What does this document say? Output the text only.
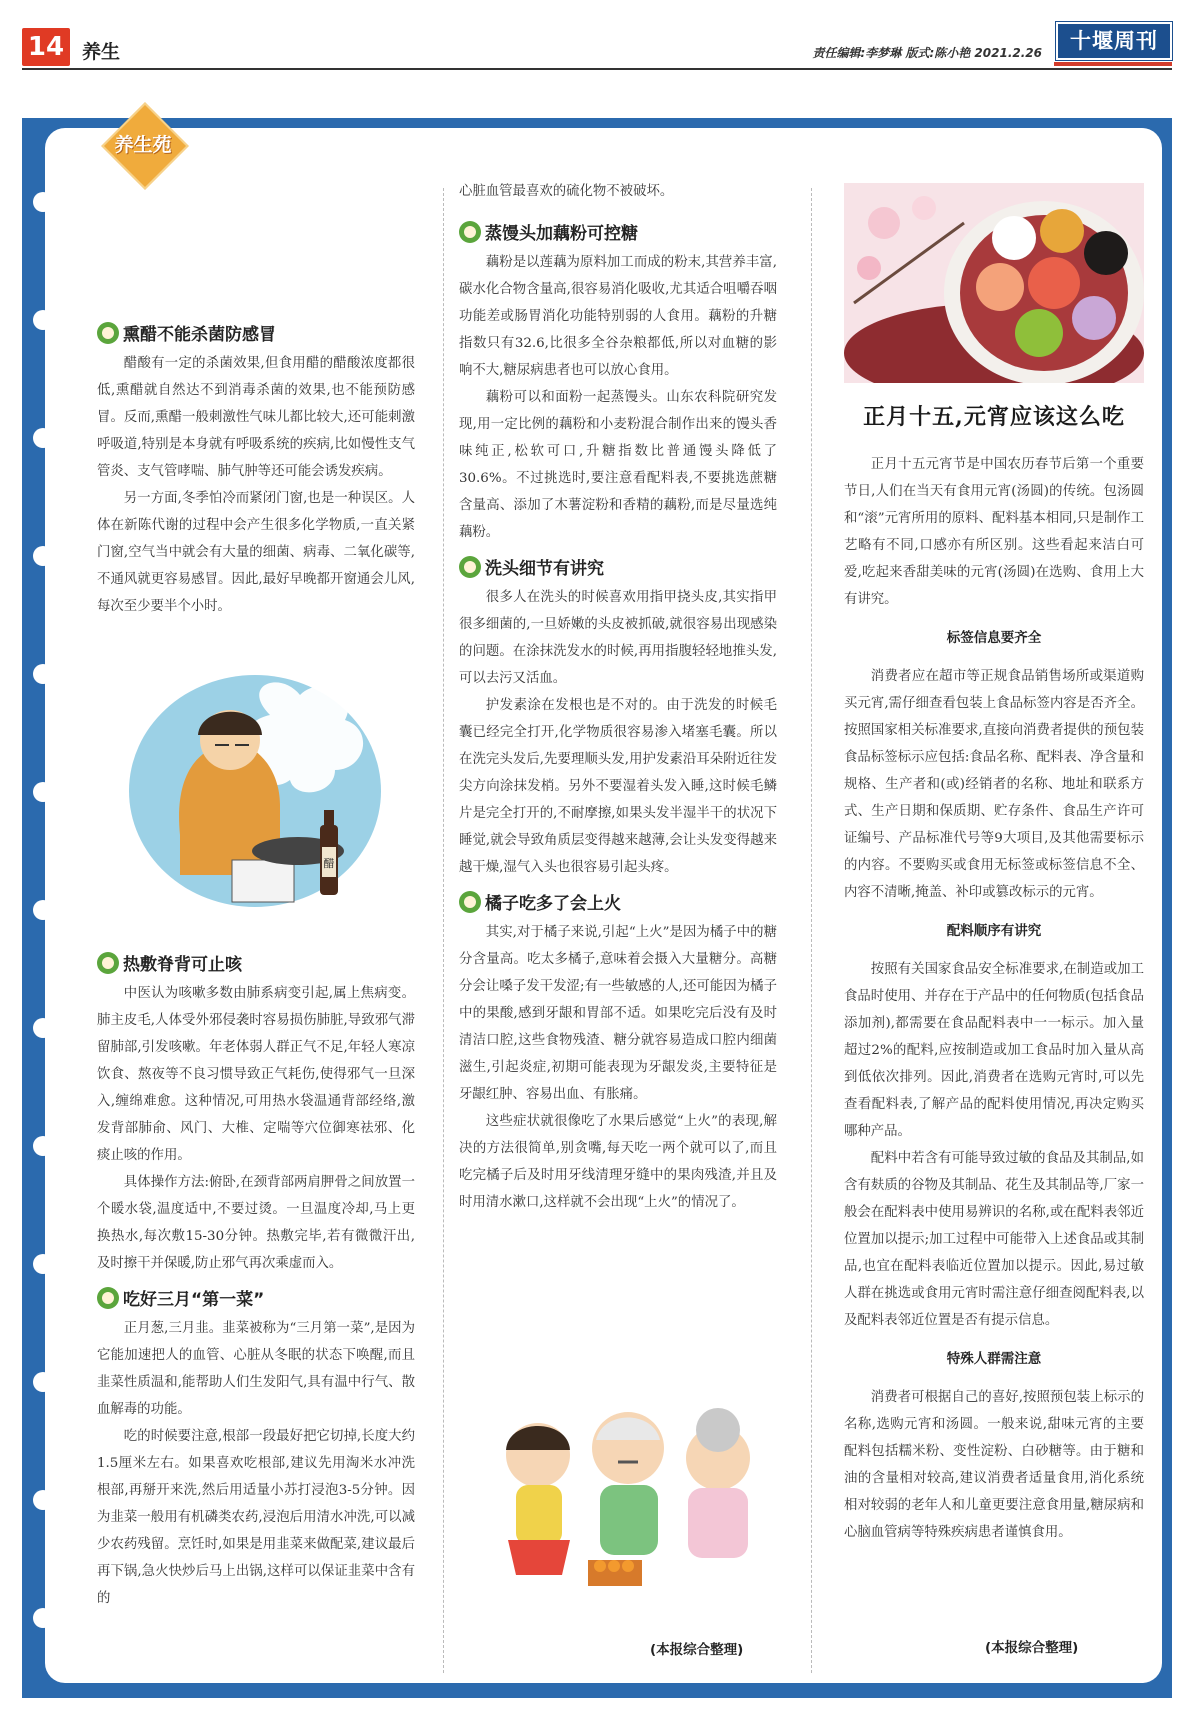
14 养生	责任编辑:李梦琳 版式:陈小艳 2021.2.26	十堰周刊
养生苑
熏醋不能杀菌防感冒

醋酸有一定的杀菌效果,但食用醋的醋酸浓度都很低,熏醋就自然达不到消毒杀菌的效果,也不能预防感冒。反而,熏醋一般刺激性气味儿都比较大,还可能刺激呼吸道,特别是本身就有呼吸系统的疾病,比如慢性支气管炎、支气管哮喘、肺气肿等还可能会诱发疾病。

另一方面,冬季怕冷而紧闭门窗,也是一种误区。人体在新陈代谢的过程中会产生很多化学物质,一直关紧门窗,空气当中就会有大量的细菌、病毒、二氧化碳等,不通风就更容易感冒。因此,最好早晚都开窗通会儿风,每次至少要半个小时。

醋
热敷脊背可止咳

中医认为咳嗽多数由肺系病变引起,属上焦病变。肺主皮毛,人体受外邪侵袭时容易损伤肺脏,导致邪气滞留肺部,引发咳嗽。年老体弱人群正气不足,年轻人寒凉饮食、熬夜等不良习惯导致正气耗伤,使得邪气一旦深入,缠绵难愈。这种情况,可用热水袋温通背部经络,激发背部肺俞、风门、大椎、定喘等穴位御寒祛邪、化痰止咳的作用。

具体操作方法:俯卧,在颈背部两肩胛骨之间放置一个暖水袋,温度适中,不要过烫。一旦温度冷却,马上更换热水,每次敷15-30分钟。热敷完毕,若有微微汗出,及时擦干并保暖,防止邪气再次乘虚而入。

吃好三月“第一菜”

正月葱,三月韭。韭菜被称为“三月第一菜”,是因为它能加速把人的血管、心脏从冬眠的状态下唤醒,而且韭菜性质温和,能帮助人们生发阳气,具有温中行气、散血解毒的功能。

吃的时候要注意,根部一段最好把它切掉,长度大约1.5厘米左右。如果喜欢吃根部,建议先用淘米水冲洗根部,再掰开来洗,然后用适量小苏打浸泡3-5分钟。因为韭菜一般用有机磷类农药,浸泡后用清水冲洗,可以减少农药残留。烹饪时,如果是用韭菜来做配菜,建议最后再下锅,急火快炒后马上出锅,这样可以保证韭菜中含有的

心脏血管最喜欢的硫化物不被破坏。

蒸馒头加藕粉可控糖

藕粉是以莲藕为原料加工而成的粉末,其营养丰富,碳水化合物含量高,很容易消化吸收,尤其适合咀嚼吞咽功能差或肠胃消化功能特别弱的人食用。藕粉的升糖指数只有32.6,比很多全谷杂粮都低,所以对血糖的影响不大,糖尿病患者也可以放心食用。

藕粉可以和面粉一起蒸馒头。山东农科院研究发现,用一定比例的藕粉和小麦粉混合制作出来的馒头香味纯正,松软可口,升糖指数比普通馒头降低了30.6%。不过挑选时,要注意看配料表,不要挑选蔗糖含量高、添加了木薯淀粉和香精的藕粉,而是尽量选纯藕粉。

洗头细节有讲究

很多人在洗头的时候喜欢用指甲挠头皮,其实指甲很多细菌的,一旦娇嫩的头皮被抓破,就很容易出现感染的问题。在涂抹洗发水的时候,再用指腹轻轻地推头发,可以去污又活血。

护发素涂在发根也是不对的。由于洗发的时候毛囊已经完全打开,化学物质很容易渗入堵塞毛囊。所以在洗完头发后,先要理顺头发,用护发素沿耳朵附近往发尖方向涂抹发梢。另外不要湿着头发入睡,这时候毛鳞片是完全打开的,不耐摩擦,如果头发半湿半干的状况下睡觉,就会导致角质层变得越来越薄,会让头发变得越来越干燥,湿气入头也很容易引起头疼。

橘子吃多了会上火

其实,对于橘子来说,引起“上火”是因为橘子中的糖分含量高。吃太多橘子,意味着会摄入大量糖分。高糖分会让嗓子发干发涩;有一些敏感的人,还可能因为橘子中的果酸,感到牙龈和胃部不适。如果吃完后没有及时清洁口腔,这些食物残渣、糖分就容易造成口腔内细菌滋生,引起炎症,初期可能表现为牙龈发炎,主要特征是牙龈红肿、容易出血、有胀痛。

这些症状就很像吃了水果后感觉“上火”的表现,解决的方法很简单,别贪嘴,每天吃一两个就可以了,而且吃完橘子后及时用牙线清理牙缝中的果肉残渣,并且及时用清水漱口,这样就不会出现“上火”的情况了。

(本报综合整理)
正月十五,元宵应该这么吃

正月十五元宵节是中国农历春节后第一个重要节日,人们在当天有食用元宵(汤圆)的传统。包汤圆和“滚”元宵所用的原料、配料基本相同,只是制作工艺略有不同,口感亦有所区别。这些看起来洁白可爱,吃起来香甜美味的元宵(汤圆)在选购、食用上大有讲究。

标签信息要齐全

消费者应在超市等正规食品销售场所或渠道购买元宵,需仔细查看包装上食品标签内容是否齐全。按照国家相关标准要求,直接向消费者提供的预包装食品标签标示应包括:食品名称、配料表、净含量和规格、生产者和(或)经销者的名称、地址和联系方式、生产日期和保质期、贮存条件、食品生产许可证编号、产品标准代号等9大项目,及其他需要标示的内容。不要购买或食用无标签或标签信息不全、内容不清晰,掩盖、补印或篡改标示的元宵。

配料顺序有讲究

按照有关国家食品安全标准要求,在制造或加工食品时使用、并存在于产品中的任何物质(包括食品添加剂),都需要在食品配料表中一一标示。加入量超过2%的配料,应按制造或加工食品时加入量从高到低依次排列。因此,消费者在选购元宵时,可以先查看配料表,了解产品的配料使用情况,再决定购买哪种产品。

配料中若含有可能导致过敏的食品及其制品,如含有麸质的谷物及其制品、花生及其制品等,厂家一般会在配料表中使用易辨识的名称,或在配料表邻近位置加以提示;加工过程中可能带入上述食品或其制品,也宜在配料表临近位置加以提示。因此,易过敏人群在挑选或食用元宵时需注意仔细查阅配料表,以及配料表邻近位置是否有提示信息。

特殊人群需注意

消费者可根据自己的喜好,按照预包装上标示的名称,选购元宵和汤圆。一般来说,甜味元宵的主要配料包括糯米粉、变性淀粉、白砂糖等。由于糖和油的含量相对较高,建议消费者适量食用,消化系统相对较弱的老年人和儿童更要注意食用量,糖尿病和心脑血管病等特殊疾病患者谨慎食用。

(本报综合整理)
